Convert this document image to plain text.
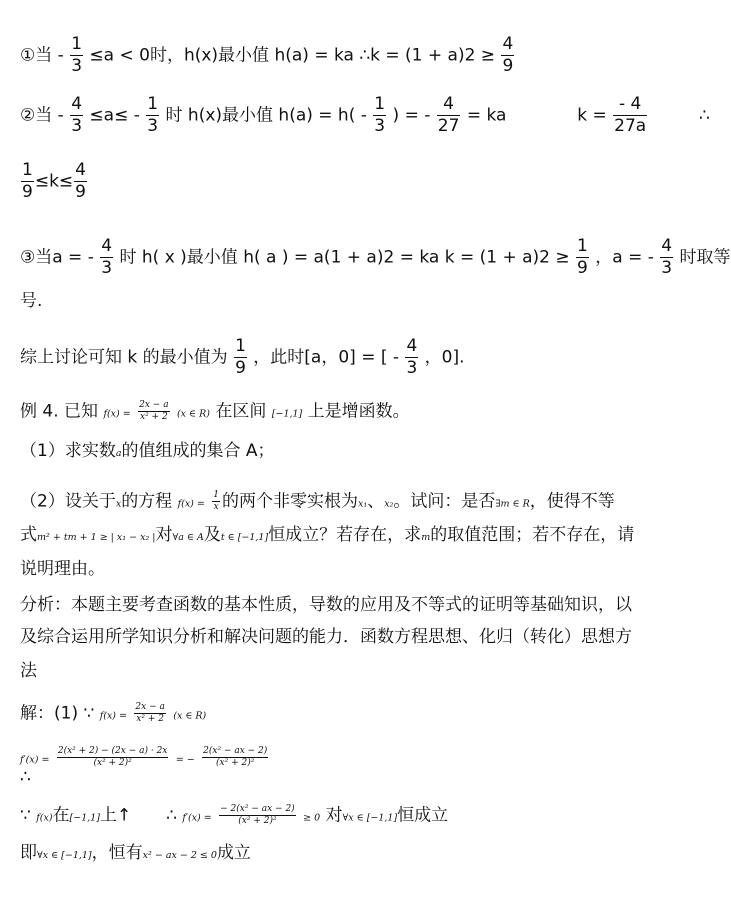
①当 - $\frac{1}{3} \le a < 0$时，h(x)最小值 h(a) = ka ∴k = $(1 + a)2 \ge \frac{4}{9}$
②当 - $\frac{4}{3} \le a\le - \frac{1}{3}$ 时 h(x)最小值 $h(a) = h( - \frac{1}{3}$ ) = - $\frac{4}{27}$ = ka	$k = \frac{- 4}{27a}$	∴
$\frac{1}{9} \le k\le \frac{4}{9}$
③当a = - $\frac{4}{3}$ 时 h( x )最小值 h( a ) = a(1 + a)2 = ka $k = (1 + a)2 \ge \frac{1}{9}$ ，a = - $\frac{4}{3}$ 时取等
号.
综上讨论可知 k 的最小值为 $\frac{1}{9}$ ，此时[a，0] = [ - $\frac{4}{3}$ ，0].
例 4. 已知 $f(x) = \frac{2x - a}{\text{x² + 2}} (x$ ∈ R) 在区间 [−1,1] 上是增函数。
（1）求实数a的值组成的集合 A；
（2）设关于x的方程 $f(x) = \frac{1}{x}$ 的两个非零实根为x₁、x₂。试问：是否∃m ∈ R，使得不等
式m² + tm + 1 ≥ | x₁ − x₂ |对∀a ∈ A及t ∈ [−1,1]恒成立？若存在，求m的取值范围；若不存在，请
说明理由。
分析：本题主要考查函数的基本性质，导数的应用及不等式的证明等基础知识，以
及综合运用所学知识分析和解决问题的能力．函数方程思想、化归（转化）思想方
法
解：(1) ∵ $f(x) = \frac{2x - a}{\text{x² + 2}} (x$ ∈ R)
$f'(x) = \frac{\text{2(x² + 2) − (2x − a) · 2x}}{\text{(x² + 2)²}}$ = − $\frac{\text{2(x² − ax − 2)}}{\text{(x² + 2)²}}$
∴
∵ f(x)在[−1,1]上↑ ∴ $f'(x) = \frac{\text{− 2(x² − ax − 2)}}{\text{(x² + 2)²}} \ge 0$ 对∀x ∈ [−1,1]恒成立
即∀x ∈ [−1,1]，恒有x² − ax − 2 ≤ 0成立
